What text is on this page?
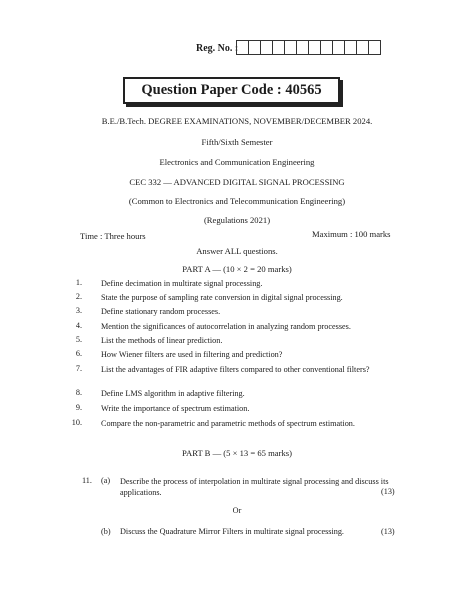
Reg. No. :
Question Paper Code : 40565
B.E./B.Tech. DEGREE EXAMINATIONS, NOVEMBER/DECEMBER 2024.
Fifth/Sixth Semester
Electronics and Communication Engineering
CEC 332 — ADVANCED DIGITAL SIGNAL PROCESSING
(Common to Electronics and Telecommunication Engineering)
(Regulations 2021)
Time : Three hours	Maximum : 100 marks
Answer ALL questions.
PART A — (10 × 2 = 20 marks)
1. Define decimation in multirate signal processing.
2. State the purpose of sampling rate conversion in digital signal processing.
3. Define stationary random processes.
4. Mention the significances of autocorrelation in analyzing random processes.
5. List the methods of linear prediction.
6. How Wiener filters are used in filtering and prediction?
7. List the advantages of FIR adaptive filters compared to other conventional filters?
8. Define LMS algorithm in adaptive filtering.
9. Write the importance of spectrum estimation.
10. Compare the non-parametric and parametric methods of spectrum estimation.
PART B — (5 × 13 = 65 marks)
11. (a) Describe the process of interpolation in multirate signal processing and discuss its applications.	(13)
Or
(b) Discuss the Quadrature Mirror Filters in multirate signal processing.	(13)
